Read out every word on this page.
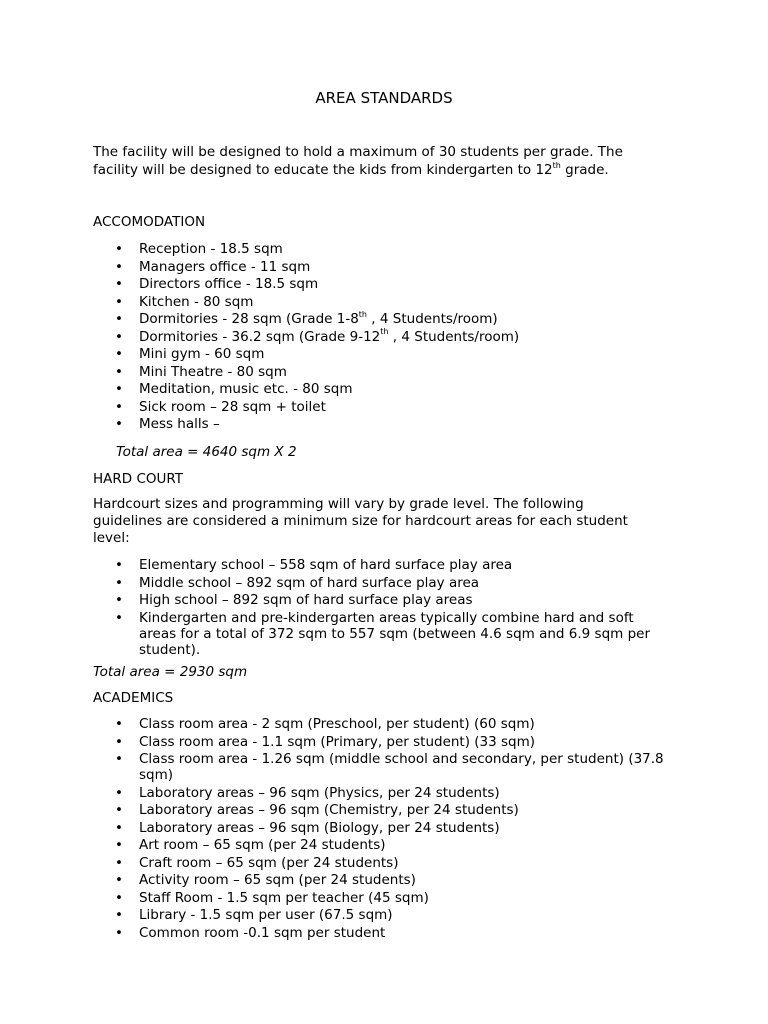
AREA STANDARDS
The facility will be designed to hold a maximum of 30 students per grade. The
facility will be designed to educate the kids from kindergarten to 12th grade.
ACCOMODATION
• Reception - 18.5 sqm
• Managers office - 11 sqm
• Directors office - 18.5 sqm
• Kitchen - 80 sqm
• Dormitories - 28 sqm (Grade 1-8th , 4 Students/room)
• Dormitories - 36.2 sqm (Grade 9-12th , 4 Students/room)
• Mini gym - 60 sqm
• Mini Theatre - 80 sqm
• Meditation, music etc. - 80 sqm
• Sick room – 28 sqm + toilet
• Mess halls –
Total area = 4640 sqm X 2
HARD COURT
Hardcourt sizes and programming will vary by grade level. The following
guidelines are considered a minimum size for hardcourt areas for each student
level:
• Elementary school – 558 sqm of hard surface play area
• Middle school – 892 sqm of hard surface play area
• High school – 892 sqm of hard surface play areas
• Kindergarten and pre-kindergarten areas typically combine hard and soft areas for a total of 372 sqm to 557 sqm (between 4.6 sqm and 6.9 sqm per student).
Total area = 2930 sqm
ACADEMICS
• Class room area - 2 sqm (Preschool, per student) (60 sqm)
• Class room area - 1.1 sqm (Primary, per student) (33 sqm)
• Class room area - 1.26 sqm (middle school and secondary, per student) (37.8 sqm)
• Laboratory areas – 96 sqm (Physics, per 24 students)
• Laboratory areas – 96 sqm (Chemistry, per 24 students)
• Laboratory areas – 96 sqm (Biology, per 24 students)
• Art room – 65 sqm (per 24 students)
• Craft room – 65 sqm (per 24 students)
• Activity room – 65 sqm (per 24 students)
• Staff Room - 1.5 sqm per teacher (45 sqm)
• Library - 1.5 sqm per user (67.5 sqm)
• Common room -0.1 sqm per student
